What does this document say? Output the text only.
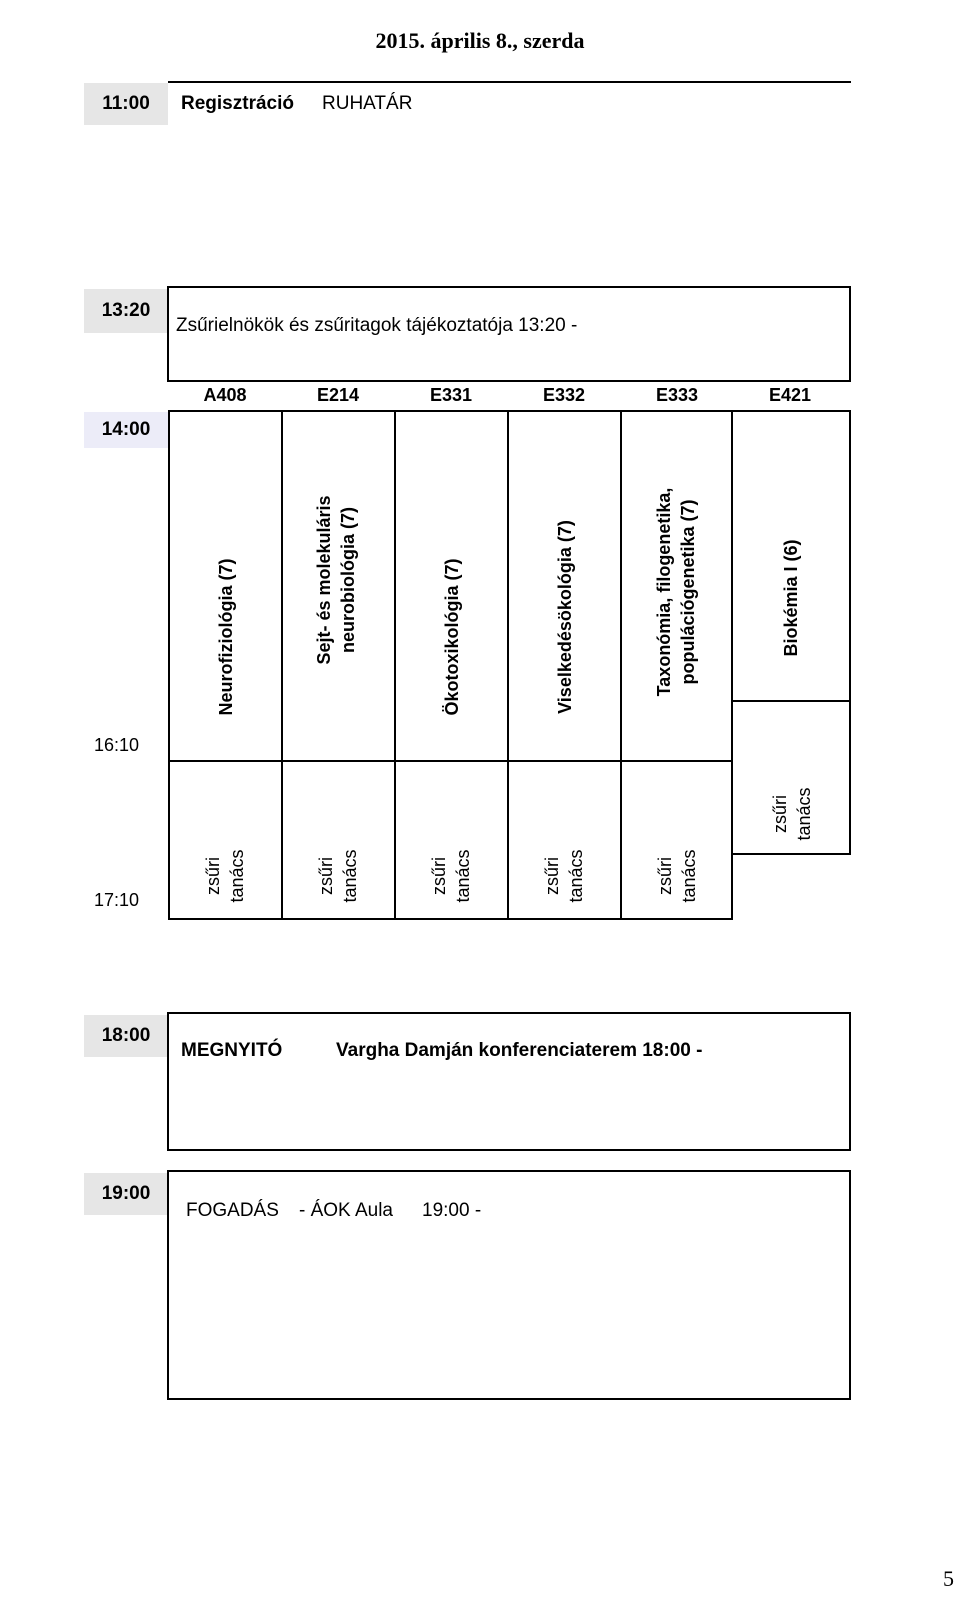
2015. április 8., szerda
11:00	Regisztráció RUHATÁR
13:20
Zsűrielnökök és zsűritagok tájékoztatója 13:20 -
A408	E214	E331	E332	E333	E421
14:00
16:10
17:10
Neurofiziológia (7)	Sejt- és molekuláris neurobiológia (7)	Ökotoxikológia (7)	Viselkedésökológia (7)	Taxonómia, filogenetika, populációgenetika (7)	Biokémia I (6)
zsűri tanács	zsűri tanács	zsűri tanács	zsűri tanács	zsűri tanács
zsűri tanács
18:00
MEGNYITÓ	Vargha Damján konferenciaterem 18:00 -
19:00
FOGADÁS - ÁOK Aula 19:00 -
5
